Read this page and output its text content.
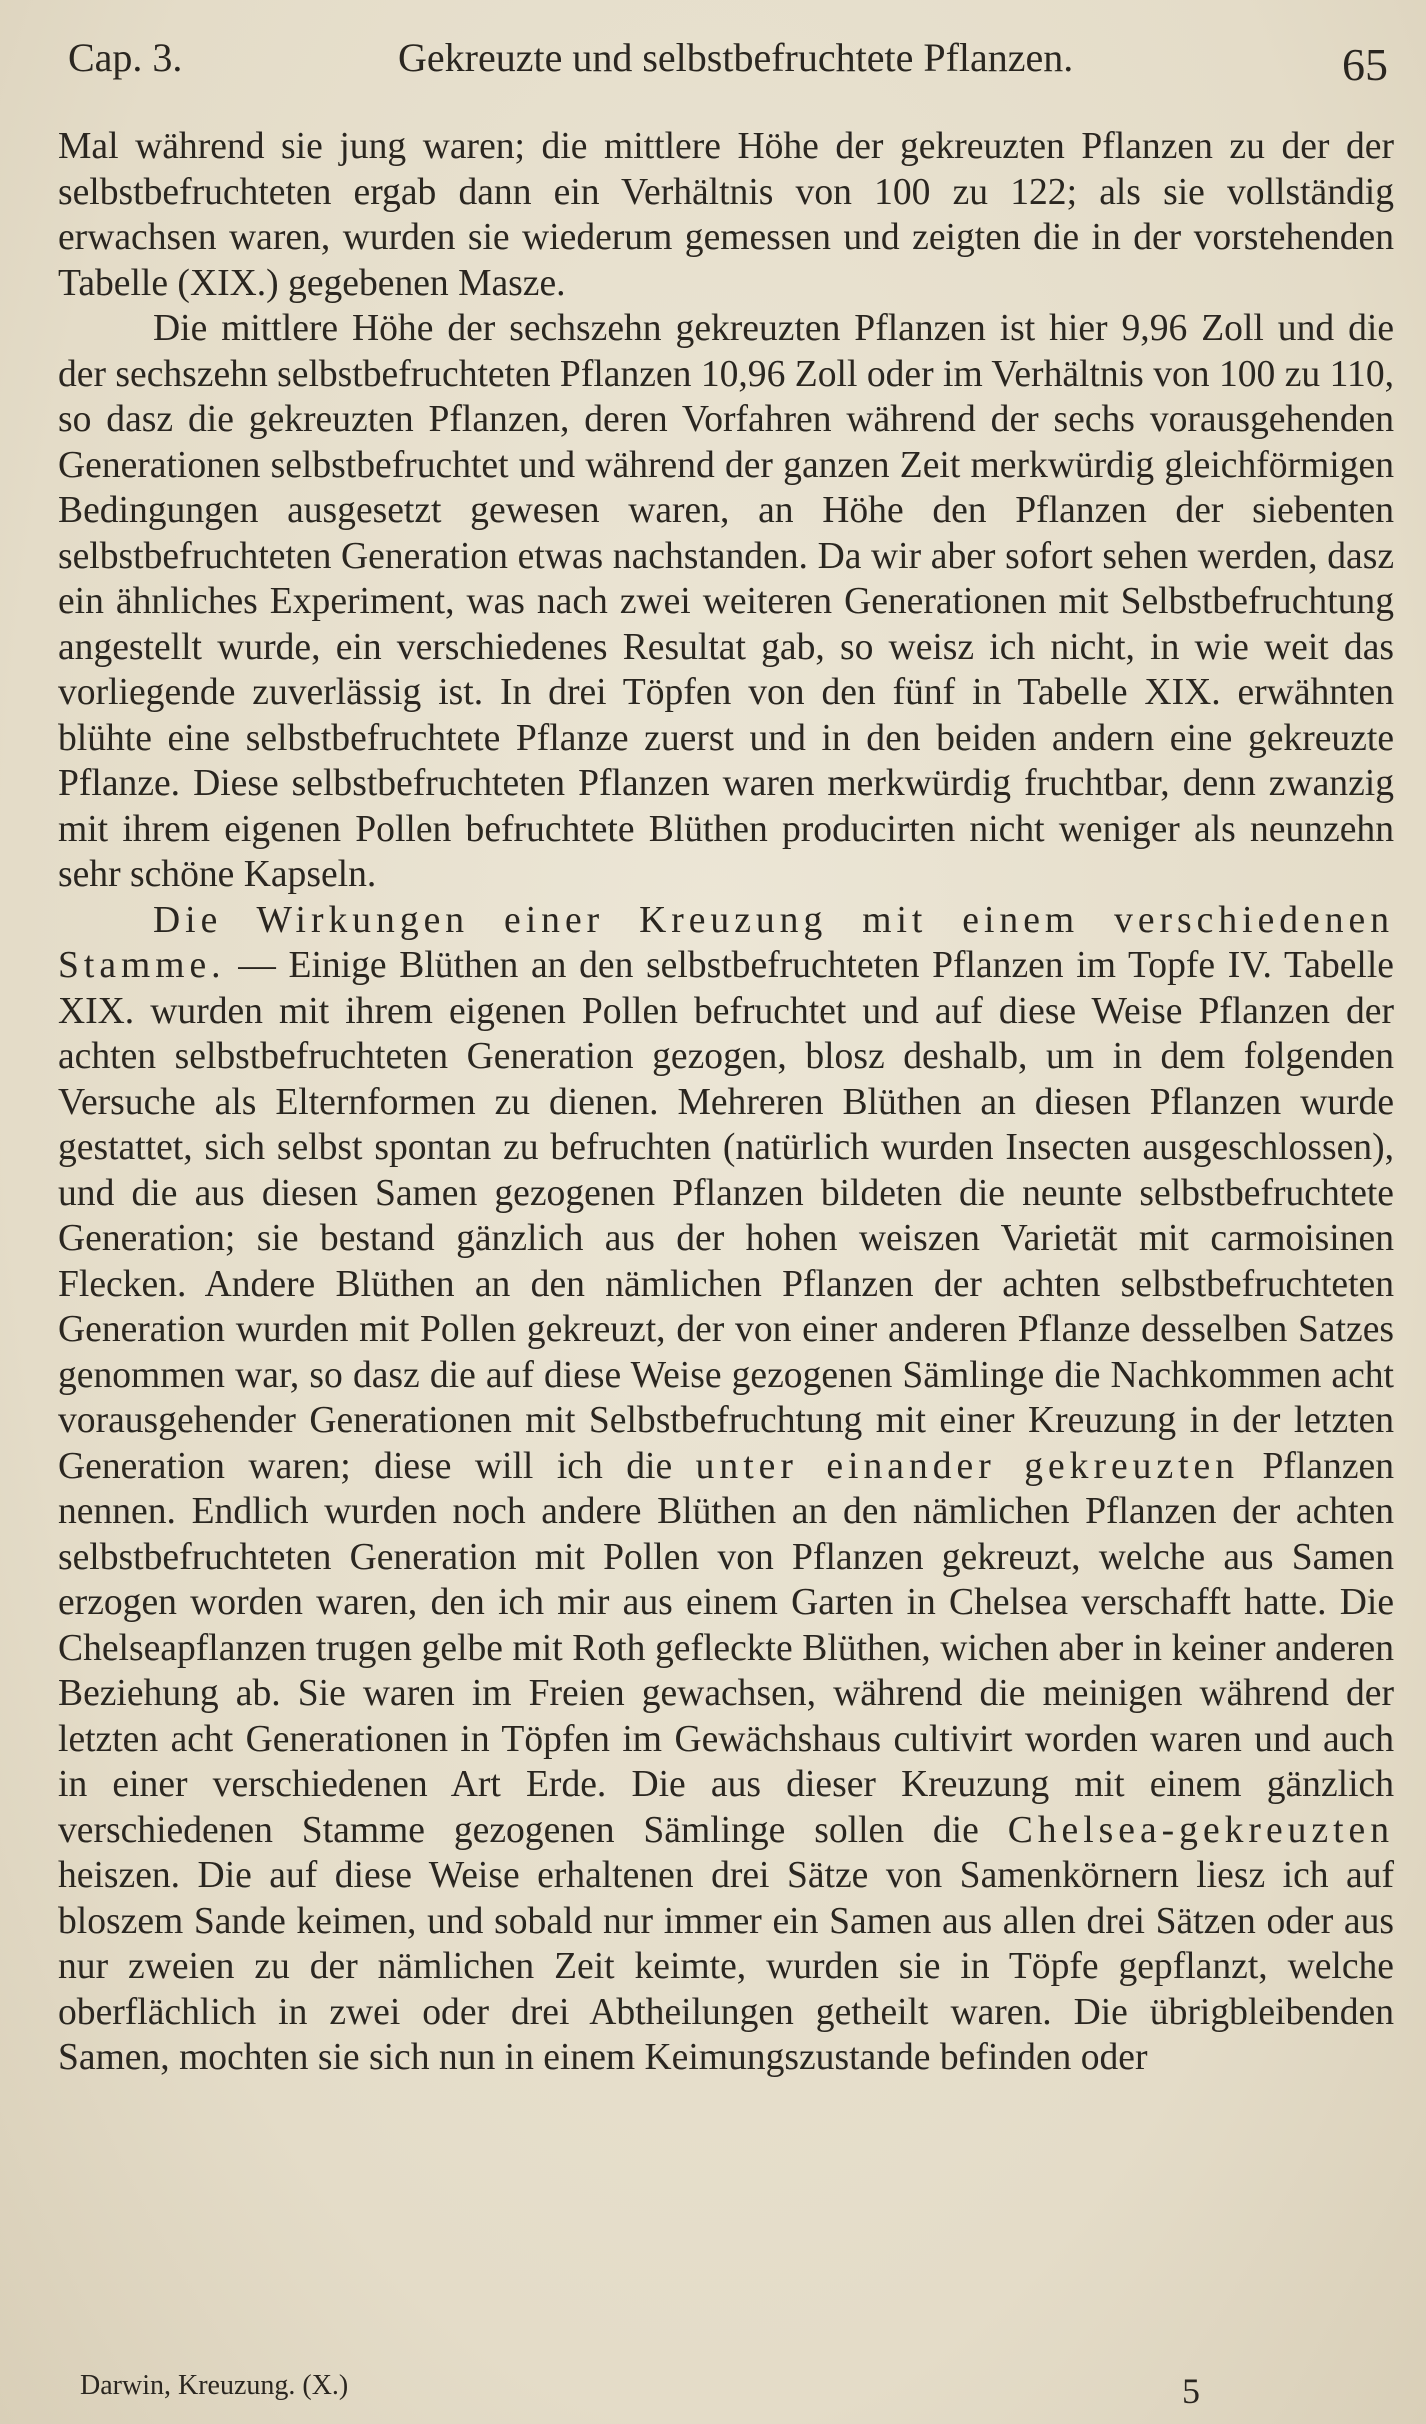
Cap. 3.	Gekreuzte und selbstbefruchtete Pflanzen.	65

Mal während sie jung waren; die mittlere Höhe der gekreuzten Pflanzen zu der der selbstbefruchteten ergab dann ein Verhältnis von 100 zu 122; als sie vollständig erwachsen waren, wurden sie wiederum gemessen und zeigten die in der vorstehenden Tabelle (XIX.) gegebenen Masze.

Die mittlere Höhe der sechszehn gekreuzten Pflanzen ist hier 9,96 Zoll und die der sechszehn selbstbefruchteten Pflanzen 10,96 Zoll oder im Verhältnis von 100 zu 110, so dasz die gekreuzten Pflanzen, deren Vorfahren während der sechs vorausgehenden Generationen selbstbefruchtet und während der ganzen Zeit merkwürdig gleichförmigen Bedingungen ausgesetzt gewesen waren, an Höhe den Pflanzen der siebenten selbstbefruchteten Generation etwas nachstanden. Da wir aber sofort sehen werden, dasz ein ähnliches Experiment, was nach zwei weiteren Generationen mit Selbstbefruchtung angestellt wurde, ein verschiedenes Resultat gab, so weisz ich nicht, in wie weit das vorliegende zuverlässig ist. In drei Töpfen von den fünf in Tabelle XIX. erwähnten blühte eine selbstbefruchtete Pflanze zuerst und in den beiden andern eine gekreuzte Pflanze. Diese selbstbefruchteten Pflanzen waren merkwürdig fruchtbar, denn zwanzig mit ihrem eigenen Pollen befruchtete Blüthen producirten nicht weniger als neunzehn sehr schöne Kapseln.

Die Wirkungen einer Kreuzung mit einem verschiedenen Stamme. — Einige Blüthen an den selbstbefruchteten Pflanzen im Topfe IV. Tabelle XIX. wurden mit ihrem eigenen Pollen befruchtet und auf diese Weise Pflanzen der achten selbstbefruchteten Generation gezogen, blosz deshalb, um in dem folgenden Versuche als Elternformen zu dienen. Mehreren Blüthen an diesen Pflanzen wurde gestattet, sich selbst spontan zu befruchten (natürlich wurden Insecten ausgeschlossen), und die aus diesen Samen gezogenen Pflanzen bildeten die neunte selbstbefruchtete Generation; sie bestand gänzlich aus der hohen weiszen Varietät mit carmoisinen Flecken. Andere Blüthen an den nämlichen Pflanzen der achten selbstbefruchteten Generation wurden mit Pollen gekreuzt, der von einer anderen Pflanze desselben Satzes genommen war, so dasz die auf diese Weise gezogenen Sämlinge die Nachkommen acht vorausgehender Generationen mit Selbstbefruchtung mit einer Kreuzung in der letzten Generation waren; diese will ich die unter einander gekreuzten Pflanzen nennen. Endlich wurden noch andere Blüthen an den nämlichen Pflanzen der achten selbstbefruchteten Generation mit Pollen von Pflanzen gekreuzt, welche aus Samen erzogen worden waren, den ich mir aus einem Garten in Chelsea verschafft hatte. Die Chelseapflanzen trugen gelbe mit Roth gefleckte Blüthen, wichen aber in keiner anderen Beziehung ab. Sie waren im Freien gewachsen, während die meinigen während der letzten acht Generationen in Töpfen im Gewächshaus cultivirt worden waren und auch in einer verschiedenen Art Erde. Die aus dieser Kreuzung mit einem gänzlich verschiedenen Stamme gezogenen Sämlinge sollen die Chelsea-gekreuzten heiszen. Die auf diese Weise erhaltenen drei Sätze von Samenkörnern liesz ich auf bloszem Sande keimen, und sobald nur immer ein Samen aus allen drei Sätzen oder aus nur zweien zu der nämlichen Zeit keimte, wurden sie in Töpfe gepflanzt, welche oberflächlich in zwei oder drei Abtheilungen getheilt waren. Die übrigbleibenden Samen, mochten sie sich nun in einem Keimungszustande befinden oder

Darwin, Kreuzung. (X.)	5
